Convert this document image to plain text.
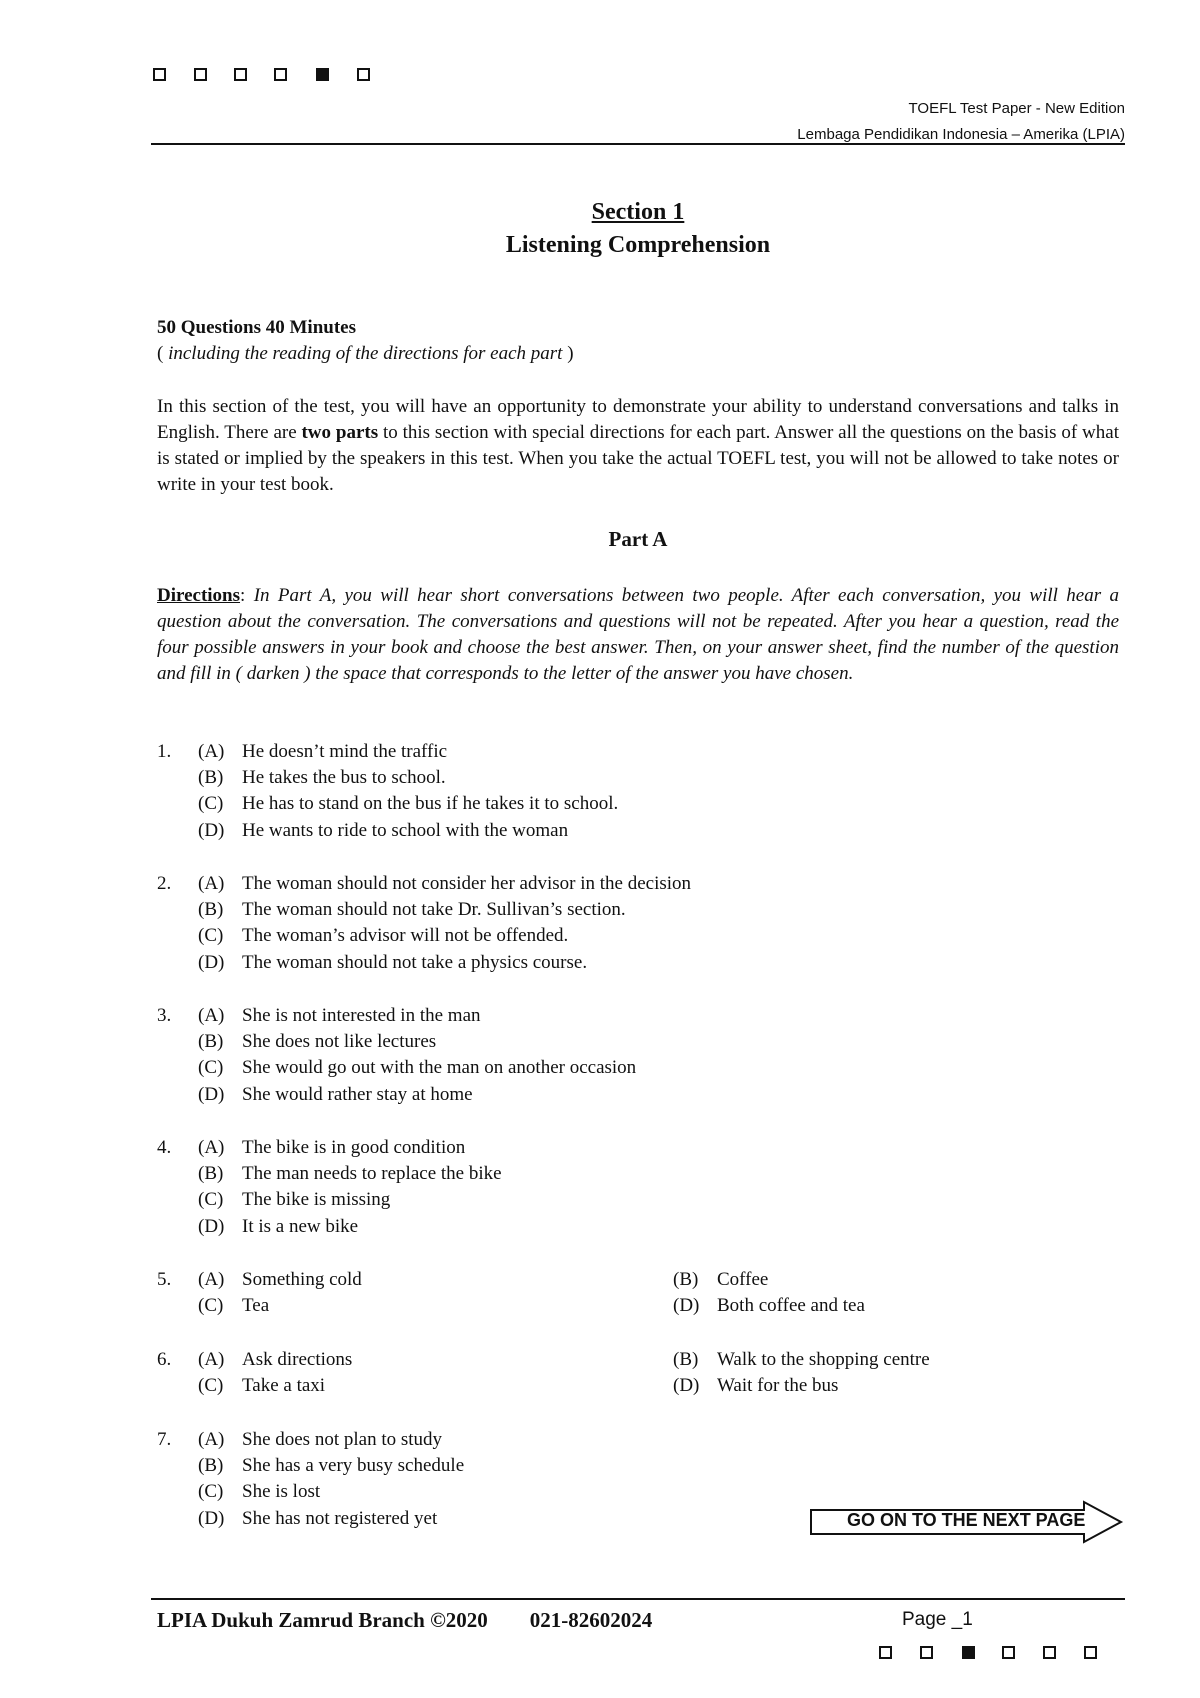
TOEFL Test Paper - New Edition
Lembaga Pendidikan Indonesia – Amerika (LPIA)
Section 1
Listening Comprehension
50 Questions 40 Minutes
( including the reading of the directions for each part )
In this section of the test, you will have an opportunity to demonstrate your ability to understand conversations and talks in English. There are two parts to this section with special directions for each part. Answer all the questions on the basis of what is stated or implied by the speakers in this test. When you take the actual TOEFL test, you will not be allowed to take notes or write in your test book.
Part A
Directions: In Part A, you will hear short conversations between two people. After each conversation, you will hear a question about the conversation. The conversations and questions will not be repeated. After you hear a question, read the four possible answers in your book and choose the best answer. Then, on your answer sheet, find the number of the question and fill in ( darken ) the space that corresponds to the letter of the answer you have chosen.
1. (A) He doesn’t mind the traffic
(B) He takes the bus to school.
(C) He has to stand on the bus if he takes it to school.
(D) He wants to ride to school with the woman
2. (A) The woman should not consider her advisor in the decision
(B) The woman should not take Dr. Sullivan’s section.
(C) The woman’s advisor will not be offended.
(D) The woman should not take a physics course.
3. (A) She is not interested in the man
(B) She does not like lectures
(C) She would go out with the man on another occasion
(D) She would rather stay at home
4. (A) The bike is in good condition
(B) The man needs to replace the bike
(C) The bike is missing
(D) It is a new bike
5. (A) Something cold	(B) Coffee
(C) Tea	(D) Both coffee and tea
6. (A) Ask directions	(B) Walk to the shopping centre
(C) Take a taxi	(D) Wait for the bus
7. (A) She does not plan to study
(B) She has a very busy schedule
(C) She is lost
(D) She has not registered yet	GO ON TO THE NEXT PAGE
LPIA Dukuh Zamrud Branch ©2020 021-82602024	Page _1
